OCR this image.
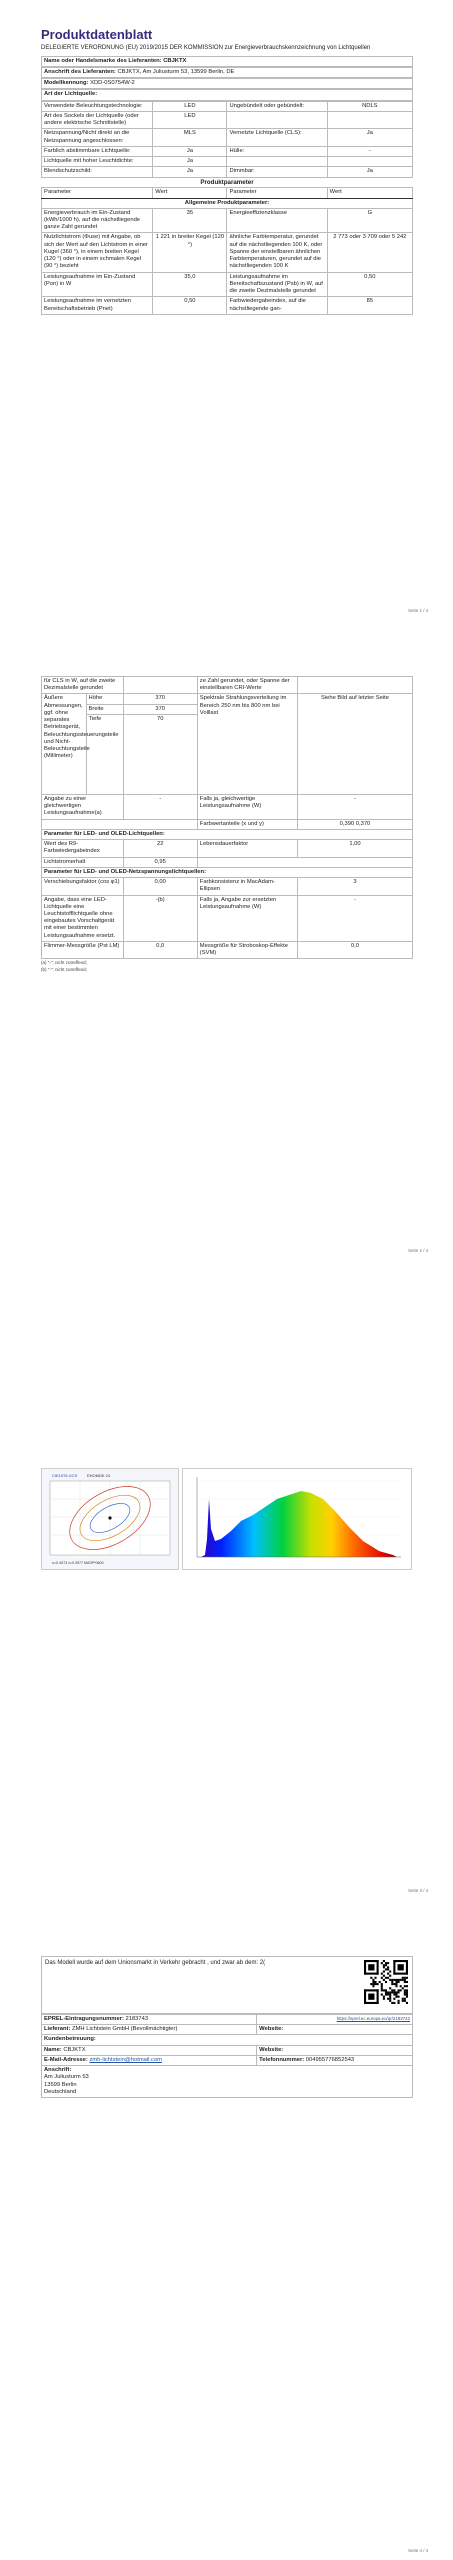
Produktdatenblatt
DELEGIERTE VERORDNUNG (EU) 2019/2015 DER KOMMISSION zur Energieverbrauchskennzeichnung von Lichtquellen
Name oder Handelsmarke des Lieferanten: CBJKTX
Anschrift des Lieferanten: CBJKTX, Am Juliusturm 53, 13599 Berlin, DE
Modellkennung: XDD-0S0754W-2
Art der Lichtquelle:
Verwendete Beleuchtungstechnologie:	LED	Ungebündelt oder gebündelt:	NDLS
Art des Sockels der Lichtquelle (oder andere elektrische Schnittstelle)	LED		
Netzspannung/Nicht direkt an die Netzspannung angeschlossen:	MLS	Vernetzte Lichtquelle (CLS):	Ja
Farblich abstimmbare Lichtquelle:	Ja	Hülle:	-
Lichtquelle mit hoher Leuchtdichte:	Ja		
Blendschutzschild:	Ja	Dimmbar:	Ja
Produktparameter
Parameter	Wert	Parameter	Wert
Allgemeine Produktparameter:			
Energieverbrauch im Ein-Zustand (kWh/1000 h), auf die nächstliegende ganze Zahl gerundet	35	Energieeffizienzklasse	G
Nutzlichtstrom (Φuse) mit Angabe, ob sich der Wert auf den Lichtstrom in einer Kugel (360 °), in einem breiten Kegel (120 °) oder in einem schmalen Kegel (90 °) bezieht	1 221 in breiter Kegel (120 °)	ähnliche Farbtemperatur, gerundet auf die nächstliegenden 100 K, oder Spanne der einstellbaren ähnlichen Farbtemperaturen, gerundet auf die nächstliegenden 100 K	2 773 oder 3 709 oder 5 242
Leistungsaufnahme im Ein-Zustand (Pon) in W	35,0	Leistungsaufnahme im Bereitschaftszustand (Psb) in W, auf die zweite Dezimalstelle gerundet	0,50
Leistungsaufnahme im vernetzten Bereitschaftsbetrieb (Pnet)	0,50	Farbwiedergabeindex, auf die nächstliegende gan-	85
Seite 1 / 4
für CLS in W, auf die zweite Dezimalstelle gerundet			ze Zahl gerundet, oder Spanne der einstellbaren CRI-Werte	
Äußere Abmessungen, ggf. ohne separates Betriebsgerät, Beleuchtungssteuerungsteile und Nicht-Beleuchtungsteile (Millimeter)	Höhe	370	Spektrale Strahlungsverteilung im Bereich 250 nm bis 800 nm bei Volllast	Siehe Bild auf letzter Seite
	Breite	370		
	Tiefe	70		
Angabe zu einer gleichwertigen Leistungsaufnahme(a)		-	Falls ja, gleichwertige Leistungsaufnahme (W)	-
			Farbwertanteile (x und y)	0,390 0,370
Parameter für LED- und OLED-Lichtquellen:				
Wert des R9-Farbwiedergabeindex		22	Lebensdauerfaktor	1,00
Lichtstromerhalt		0,95		
Parameter für LED- und OLED-Netzspannungslichtquellen:				
Verschiebungsfaktor (cos φ1)		0,00	Farbkonsistenz in MacAdam-Ellipsen	3
Angabe, dass eine LED-Lichtquelle eine Leuchtstofflichtquelle ohne eingebautes Vorschaltgerät mit einer bestimmten Leistungsaufnahme ersetzt.		-(b)	Falls ja, Angabe zur ersetzten Leistungsaufnahme (W)	-
Flimmer-Messgröße (Pst LM)		0,0	Messgröße für Stroboskop-Effekte (SVM)	0,0
(a) "-": nicht zutreffend;
(b) "-": nicht zutreffend;
Seite 2 / 4
CIE1976 UCS EHOMDE 24
u=0.4073 v=0.3977 MASP*0609
Seite 3 / 4
Das Modell wurde auf dem Unionsmarkt in Verkehr gebracht , und zwar ab dem: 2(
EPREL-Eintragungsnummer: 2183743	https://eprel.ec.europa.eu/qr/2183743
Lieferant: ZMH Lichtstein GmbH (Bevollmächtigter)	Website:
Kundenbetreuung:	
Name: CBJKTX	Website:
E-Mail-Adresse: zmh-lichtstein@hotmail.com	Telefonnummer: 004955776852543

Anschrift:
Am Juliusturm 53
13599 Berlin
Deutschland	
Seite 4 / 4
